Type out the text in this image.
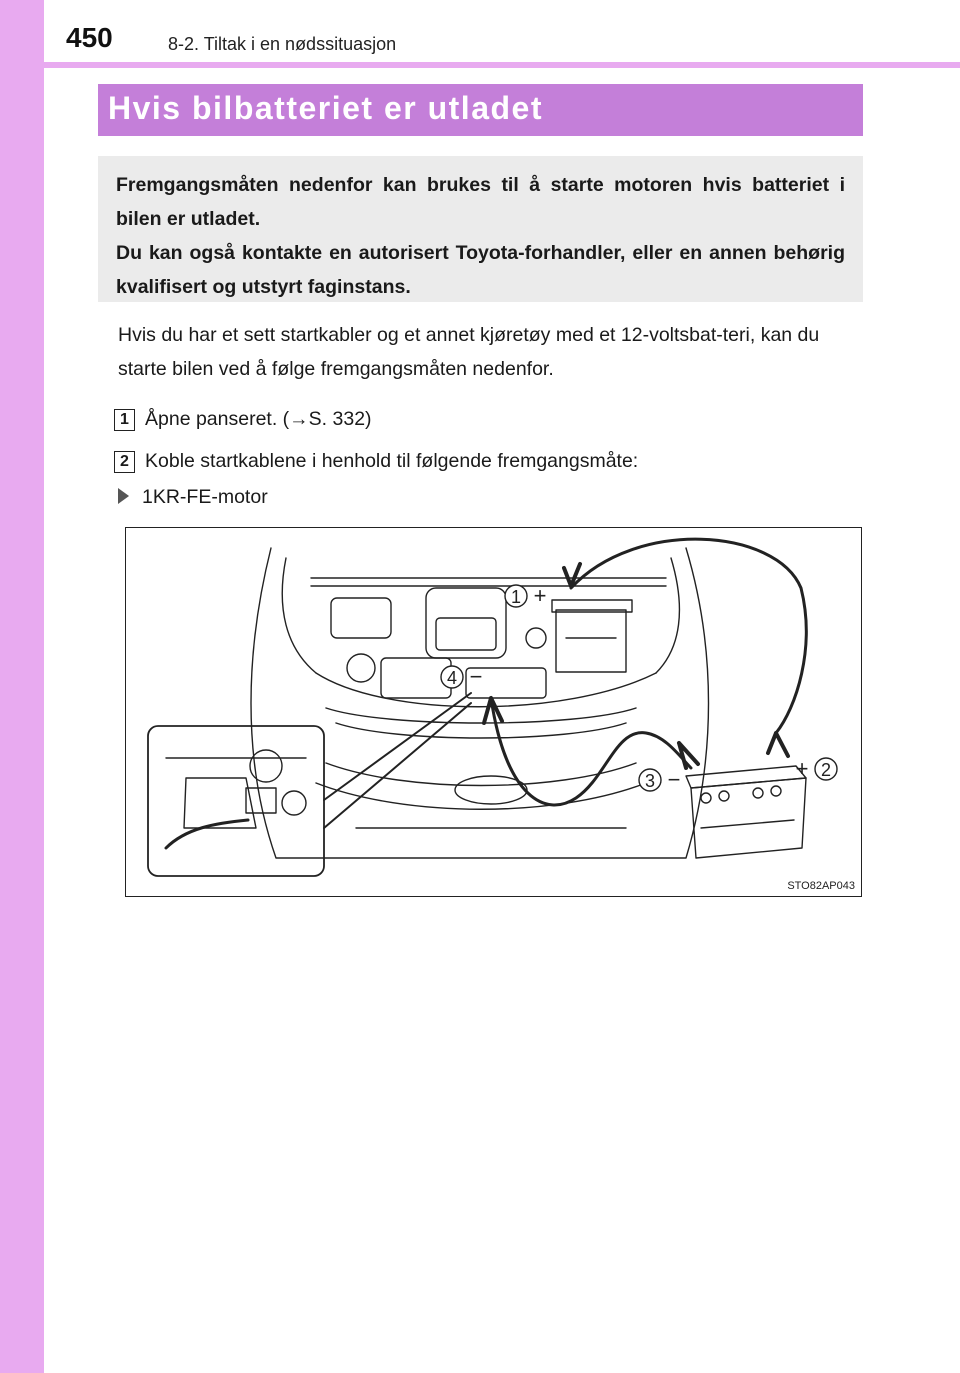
450	8-2. Tiltak i en nødssituasjon
Hvis bilbatteriet er utladet

Fremgangsmåten nedenfor kan brukes til å starte motoren hvis batteriet i bilen er utladet.

Du kan også kontakte en autorisert Toyota-forhandler, eller en annen behørig kvalifisert og utstyrt faginstans.

Hvis du har et sett startkabler og et annet kjøretøy med et 12-voltsbat-teri, kan du starte bilen ved å følge fremgangsmåten nedenfor.
1 Åpne panseret. (→S. 332)
2 Koble startkablene i henhold til følgende fremgangsmåte:
1KR-FE-motor
1 +
2
+
3 −
4 −
STO82AP043
